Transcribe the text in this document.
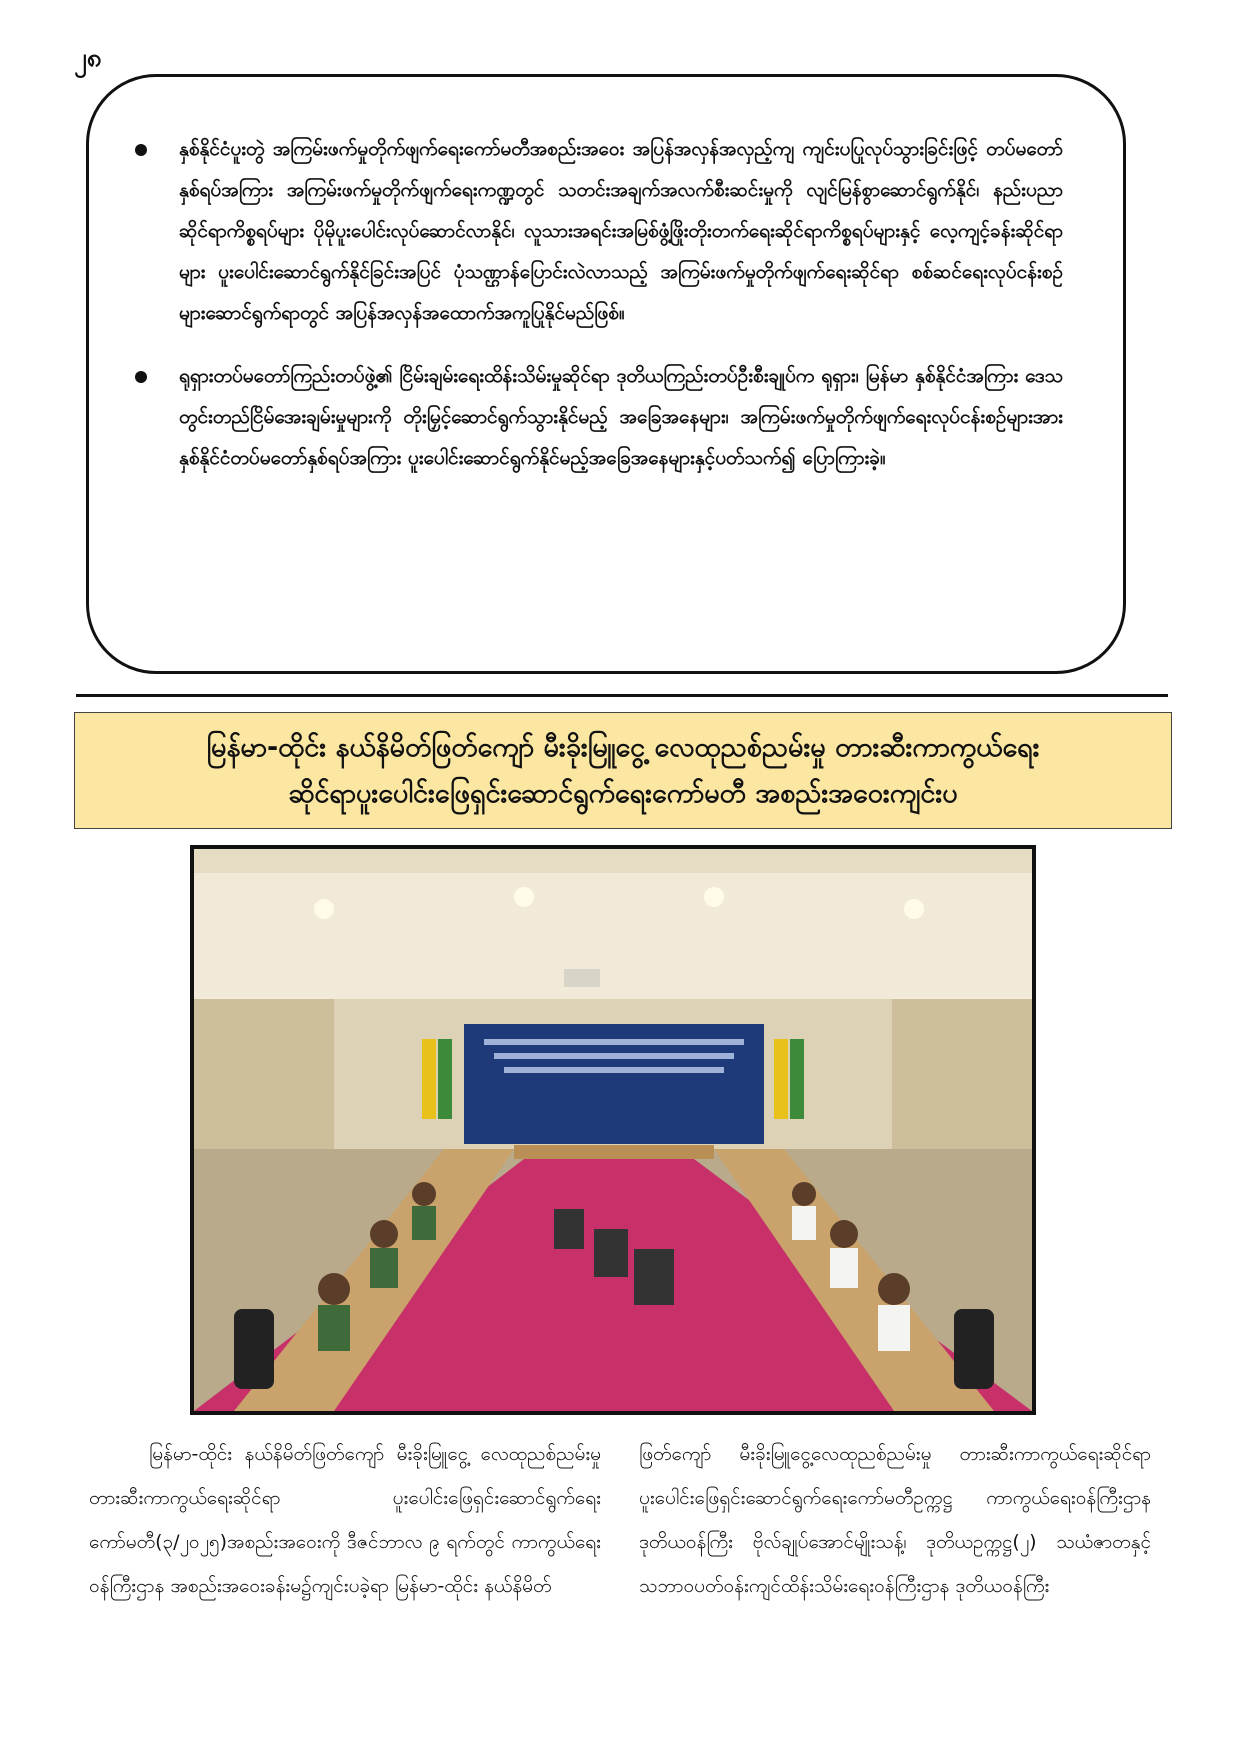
၂၈
နှစ်နိုင်ငံပူးတွဲ အကြမ်းဖက်မှုတိုက်ဖျက်ရေးကော်မတီအစည်းအဝေး အပြန်အလှန်အလှည့်ကျ ကျင်းပပြုလုပ်သွားခြင်းဖြင့် တပ်မတော်နှစ်ရပ်အကြား အကြမ်းဖက်မှုတိုက်ဖျက်ရေးကဏ္ဍတွင် သတင်းအချက်အလက်စီးဆင်းမှုကို လျင်မြန်စွာဆောင်ရွက်နိုင်၊ နည်းပညာဆိုင်ရာကိစ္စရပ်များ ပိုမိုပူးပေါင်းလုပ်ဆောင်လာနိုင်၊ လူသားအရင်းအမြစ်ဖွံ့ဖြိုးတိုးတက်ရေးဆိုင်ရာကိစ္စရပ်များနှင့် လေ့ကျင့်ခန်းဆိုင်ရာများ ပူးပေါင်းဆောင်ရွက်နိုင်ခြင်းအပြင် ပုံသဏ္ဌာန်ပြောင်းလဲလာသည့် အကြမ်းဖက်မှုတိုက်ဖျက်ရေးဆိုင်ရာ စစ်ဆင်ရေးလုပ်ငန်းစဉ်များဆောင်ရွက်ရာတွင် အပြန်အလှန်အထောက်အကူပြုနိုင်မည်ဖြစ်။
ရုရှားတပ်မတော်ကြည်းတပ်ဖွဲ့၏ ငြိမ်းချမ်းရေးထိန်းသိမ်းမှုဆိုင်ရာ ဒုတိယကြည်းတပ်ဦးစီးချုပ်က ရုရှား၊ မြန်မာ နှစ်နိုင်ငံအကြား ဒေသတွင်းတည်ငြိမ်အေးချမ်းမှုများကို တိုးမြှင့်ဆောင်ရွက်သွားနိုင်မည့် အခြေအနေများ၊ အကြမ်းဖက်မှုတိုက်ဖျက်ရေးလုပ်ငန်းစဉ်များအား နှစ်နိုင်ငံတပ်မတော်နှစ်ရပ်အကြား ပူးပေါင်းဆောင်ရွက်နိုင်မည့်အခြေအနေများနှင့်ပတ်သက်၍ ပြောကြားခဲ့။
မြန်မာ-ထိုင်း နယ်နိမိတ်ဖြတ်ကျော် မီးခိုးမြူငွေ့ လေထုညစ်ညမ်းမှု တားဆီးကာကွယ်ရေး
ဆိုင်ရာပူးပေါင်းဖြေရှင်းဆောင်ရွက်ရေးကော်မတီ အစည်းအဝေးကျင်းပ
မြန်မာ-ထိုင်း နယ်နိမိတ်ဖြတ်ကျော် မီးခိုးမြူငွေ့ လေထုညစ်ညမ်းမှုတားဆီးကာကွယ်ရေးဆိုင်ရာ ပူးပေါင်းဖြေရှင်းဆောင်ရွက်ရေးကော်မတီ(၃/၂၀၂၅)အစည်းအဝေးကို ဒီဇင်ဘာလ ၉ ရက်တွင် ကာကွယ်ရေးဝန်ကြီးဌာန အစည်းအဝေးခန်းမ၌ကျင်းပခဲ့ရာ မြန်မာ-ထိုင်း နယ်နိမိတ်
ဖြတ်ကျော် မီးခိုးမြူငွေ့လေထုညစ်ညမ်းမှု တားဆီးကာကွယ်ရေးဆိုင်ရာ ပူးပေါင်းဖြေရှင်းဆောင်ရွက်ရေးကော်မတီဥက္ကဋ္ဌ ကာကွယ်ရေးဝန်ကြီးဌာန ဒုတိယဝန်ကြီး ဗိုလ်ချုပ်အောင်မျိုးသန့်၊ ဒုတိယဥက္ကဋ္ဌ(၂) သယံဇာတနှင့် သဘာဝပတ်ဝန်းကျင်ထိန်းသိမ်းရေးဝန်ကြီးဌာန ဒုတိယဝန်ကြီး
